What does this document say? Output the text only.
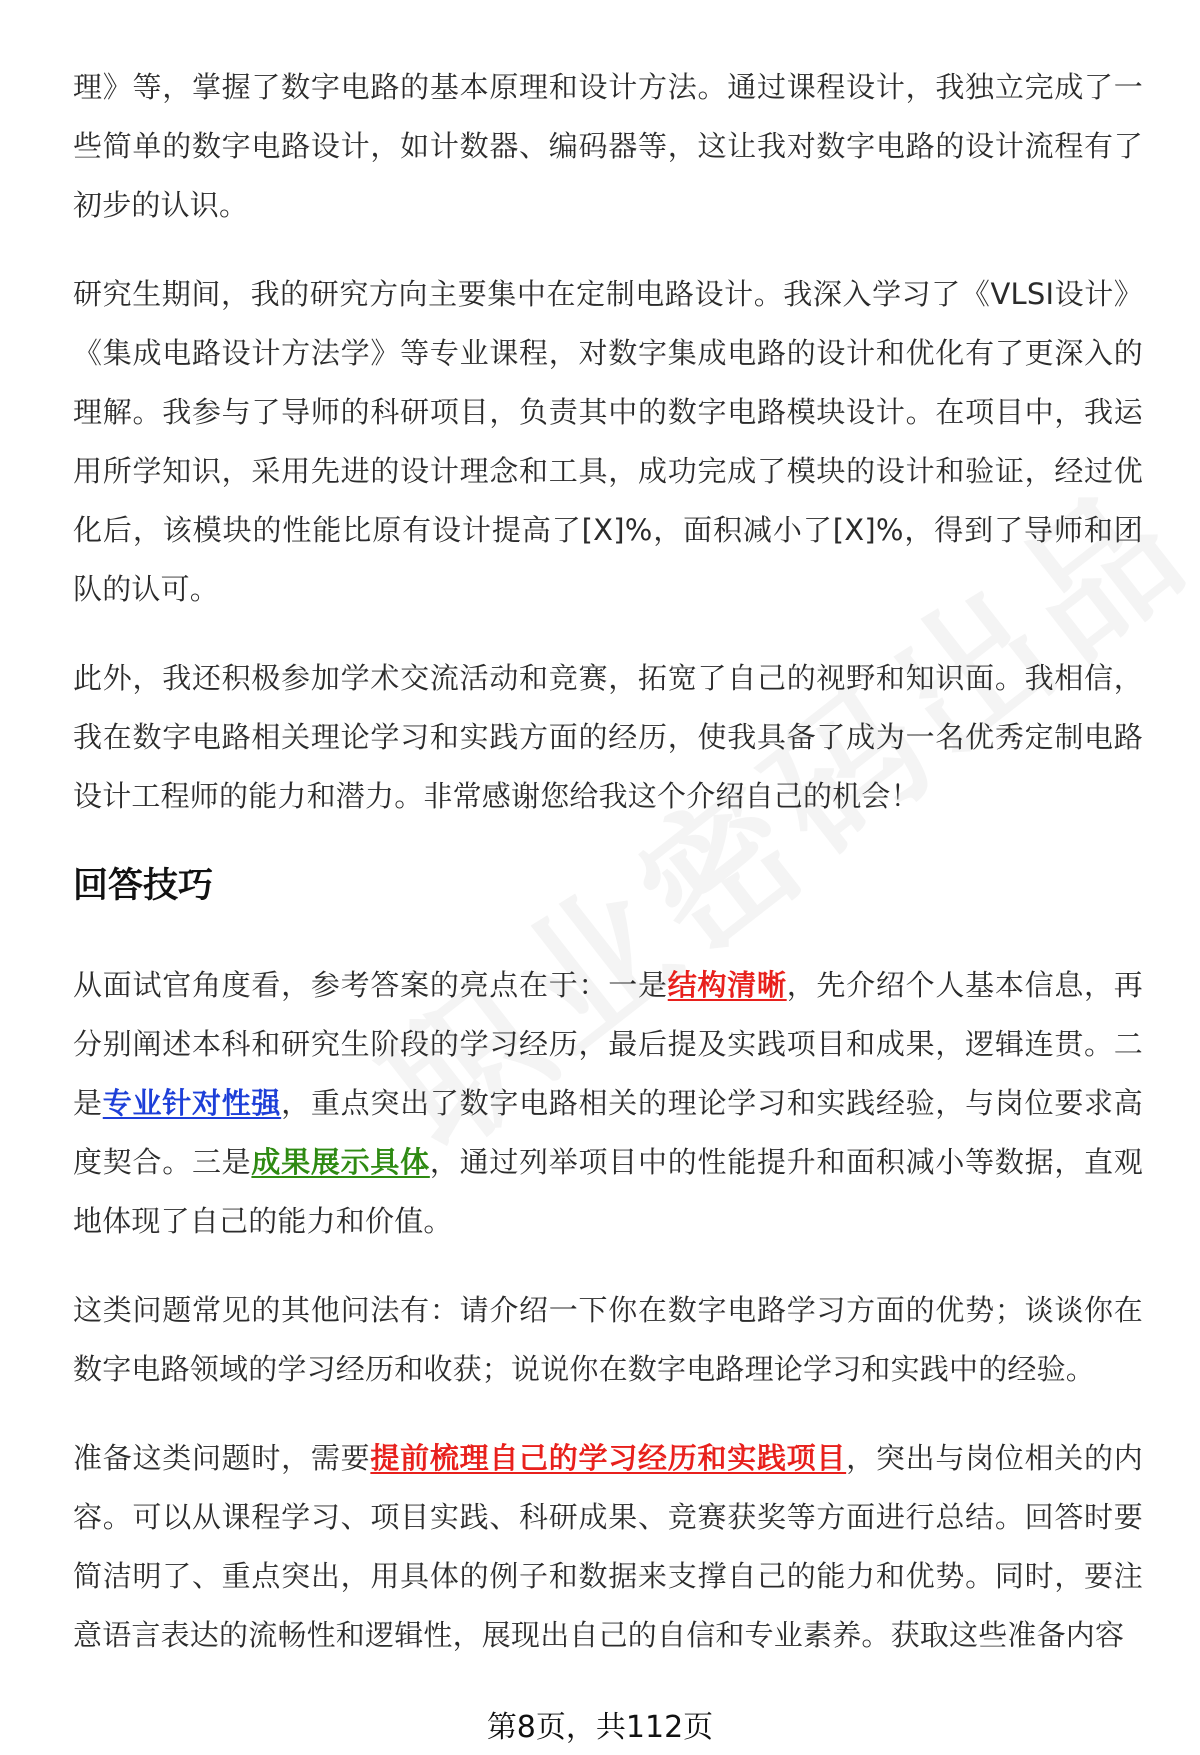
理》等，掌握了数字电路的基本原理和设计方法。通过课程设计，我独立完成了一些简单的数字电路设计，如计数器、编码器等，这让我对数字电路的设计流程有了初步的认识。

研究生期间，我的研究方向主要集中在定制电路设计。我深入学习了《VLSI设计》《集成电路设计方法学》等专业课程，对数字集成电路的设计和优化有了更深入的理解。我参与了导师的科研项目，负责其中的数字电路模块设计。在项目中，我运用所学知识，采用先进的设计理念和工具，成功完成了模块的设计和验证，经过优化后，该模块的性能比原有设计提高了[X]%，面积减小了[X]%，得到了导师和团队的认可。

此外，我还积极参加学术交流活动和竞赛，拓宽了自己的视野和知识面。我相信，我在数字电路相关理论学习和实践方面的经历，使我具备了成为一名优秀定制电路设计工程师的能力和潜力。非常感谢您给我这个介绍自己的机会！

回答技巧

从面试官角度看，参考答案的亮点在于：一是结构清晰，先介绍个人基本信息，再分别阐述本科和研究生阶段的学习经历，最后提及实践项目和成果，逻辑连贯。二是专业针对性强，重点突出了数字电路相关的理论学习和实践经验，与岗位要求高度契合。三是成果展示具体，通过列举项目中的性能提升和面积减小等数据，直观地体现了自己的能力和价值。

这类问题常见的其他问法有：请介绍一下你在数字电路学习方面的优势；谈谈你在数字电路领域的学习经历和收获；说说你在数字电路理论学习和实践中的经验。

准备这类问题时，需要提前梳理自己的学习经历和实践项目，突出与岗位相关的内容。可以从课程学习、项目实践、科研成果、竞赛获奖等方面进行总结。回答时要简洁明了、重点突出，用具体的例子和数据来支撑自己的能力和优势。同时，要注意语言表达的流畅性和逻辑性，展现出自己的自信和专业素养。获取这些准备内容

第8页，共112页
